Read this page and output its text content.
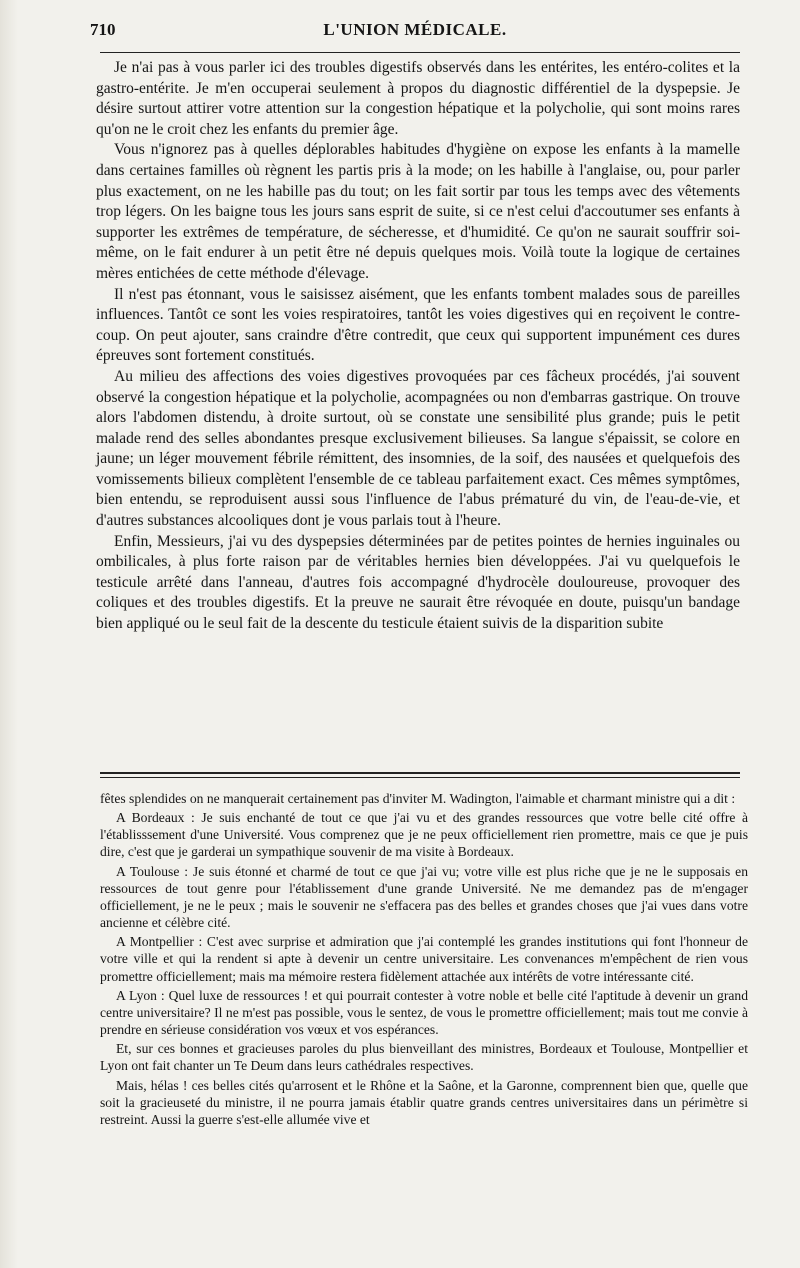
710	L'UNION MÉDICALE.

Je n'ai pas à vous parler ici des troubles digestifs observés dans les entérites, les entéro-colites et la gastro-entérite. Je m'en occuperai seulement à propos du diagnostic différentiel de la dyspepsie. Je désire surtout attirer votre attention sur la congestion hépatique et la polycholie, qui sont moins rares qu'on ne le croit chez les enfants du premier âge.

Vous n'ignorez pas à quelles déplorables habitudes d'hygiène on expose les enfants à la mamelle dans certaines familles où règnent les partis pris à la mode; on les habille à l'anglaise, ou, pour parler plus exactement, on ne les habille pas du tout; on les fait sortir par tous les temps avec des vêtements trop légers. On les baigne tous les jours sans esprit de suite, si ce n'est celui d'accoutumer ses enfants à supporter les extrêmes de température, de sécheresse, et d'humidité. Ce qu'on ne saurait souffrir soi-même, on le fait endurer à un petit être né depuis quelques mois. Voilà toute la logique de certaines mères entichées de cette méthode d'élevage.

Il n'est pas étonnant, vous le saisissez aisément, que les enfants tombent malades sous de pareilles influences. Tantôt ce sont les voies respiratoires, tantôt les voies digestives qui en reçoivent le contre-coup. On peut ajouter, sans craindre d'être contredit, que ceux qui supportent impunément ces dures épreuves sont fortement constitués.

Au milieu des affections des voies digestives provoquées par ces fâcheux procédés, j'ai souvent observé la congestion hépatique et la polycholie, acompagnées ou non d'embarras gastrique. On trouve alors l'abdomen distendu, à droite surtout, où se constate une sensibilité plus grande; puis le petit malade rend des selles abondantes presque exclusivement bilieuses. Sa langue s'épaissit, se colore en jaune; un léger mouvement fébrile rémittent, des insomnies, de la soif, des nausées et quelquefois des vomissements bilieux complètent l'ensemble de ce tableau parfaitement exact. Ces mêmes symptômes, bien entendu, se reproduisent aussi sous l'influence de l'abus prématuré du vin, de l'eau-de-vie, et d'autres substances alcooliques dont je vous parlais tout à l'heure.

Enfin, Messieurs, j'ai vu des dyspepsies déterminées par de petites pointes de hernies inguinales ou ombilicales, à plus forte raison par de véritables hernies bien développées. J'ai vu quelquefois le testicule arrêté dans l'anneau, d'autres fois accompagné d'hydrocèle douloureuse, provoquer des coliques et des troubles digestifs. Et la preuve ne saurait être révoquée en doute, puisqu'un bandage bien appliqué ou le seul fait de la descente du testicule étaient suivis de la disparition subite

fêtes splendides on ne manquerait certainement pas d'inviter M. Wadington, l'aimable et charmant ministre qui a dit :

A Bordeaux : Je suis enchanté de tout ce que j'ai vu et des grandes ressources que votre belle cité offre à l'établisssement d'une Université. Vous comprenez que je ne peux officiellement rien promettre, mais ce que je puis dire, c'est que je garderai un sympathique souvenir de ma visite à Bordeaux.

A Toulouse : Je suis étonné et charmé de tout ce que j'ai vu; votre ville est plus riche que je ne le supposais en ressources de tout genre pour l'établissement d'une grande Université. Ne me demandez pas de m'engager officiellement, je ne le peux ; mais le souvenir ne s'effacera pas des belles et grandes choses que j'ai vues dans votre ancienne et célèbre cité.

A Montpellier : C'est avec surprise et admiration que j'ai contemplé les grandes institutions qui font l'honneur de votre ville et qui la rendent si apte à devenir un centre universitaire. Les convenances m'empêchent de rien vous promettre officiellement; mais ma mémoire restera fidèlement attachée aux intérêts de votre intéressante cité.

A Lyon : Quel luxe de ressources ! et qui pourrait contester à votre noble et belle cité l'aptitude à devenir un grand centre universitaire? Il ne m'est pas possible, vous le sentez, de vous le promettre officiellement; mais tout me convie à prendre en sérieuse considération vos vœux et vos espérances.

Et, sur ces bonnes et gracieuses paroles du plus bienveillant des ministres, Bordeaux et Toulouse, Montpellier et Lyon ont fait chanter un Te Deum dans leurs cathédrales respectives.

Mais, hélas ! ces belles cités qu'arrosent et le Rhône et la Saône, et la Garonne, comprennent bien que, quelle que soit la gracieuseté du ministre, il ne pourra jamais établir quatre grands centres universitaires dans un périmètre si restreint. Aussi la guerre s'est-elle allumée vive et
